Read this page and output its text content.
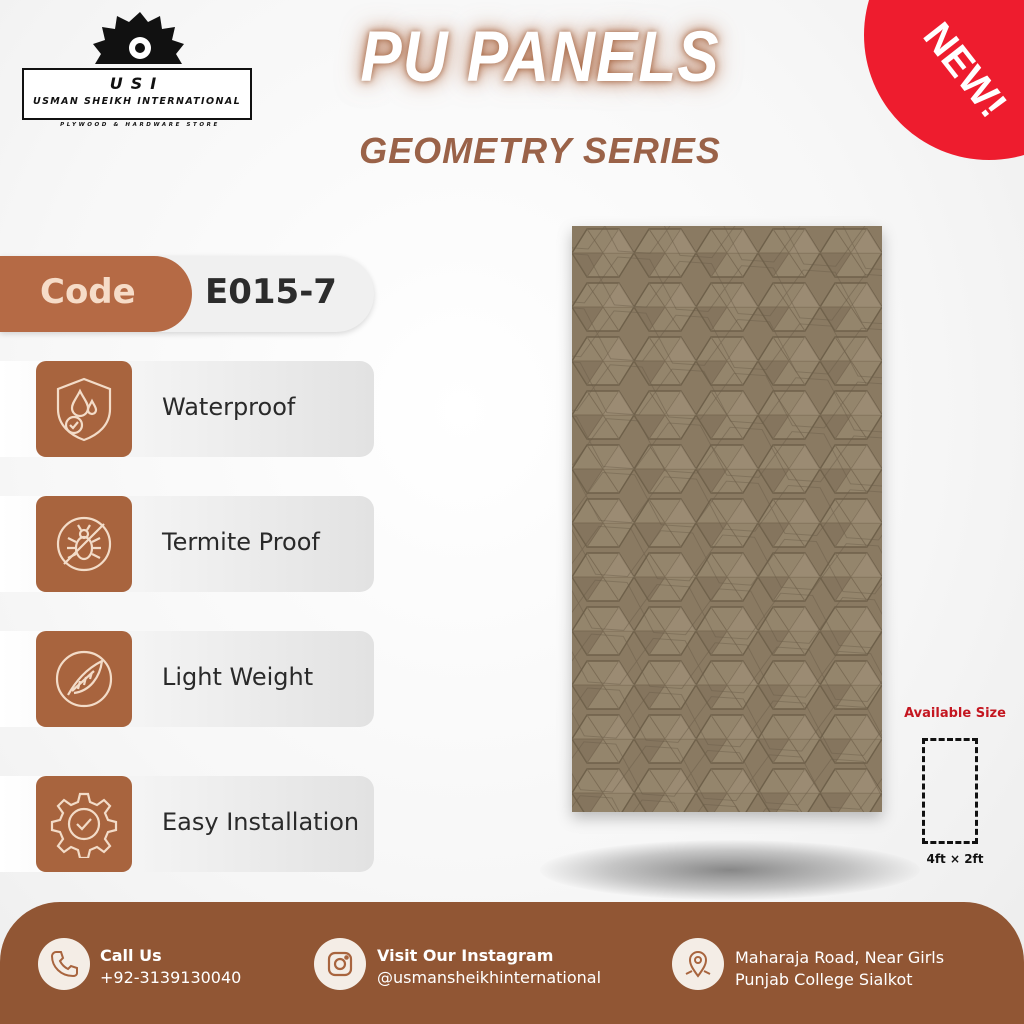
USI
USMAN SHEIKH INTERNATIONAL
PLYWOOD & HARDWARE STORE
PU PANELS
GEOMETRY SERIES
NEW!
Code E015-7
Waterproof
Termite Proof
Light Weight
Easy Installation
Available Size
4ft × 2ft
Call Us
+92-3139130040
Visit Our Instagram
@usmansheikhinternational
Maharaja Road, Near Girls
Punjab College Sialkot
